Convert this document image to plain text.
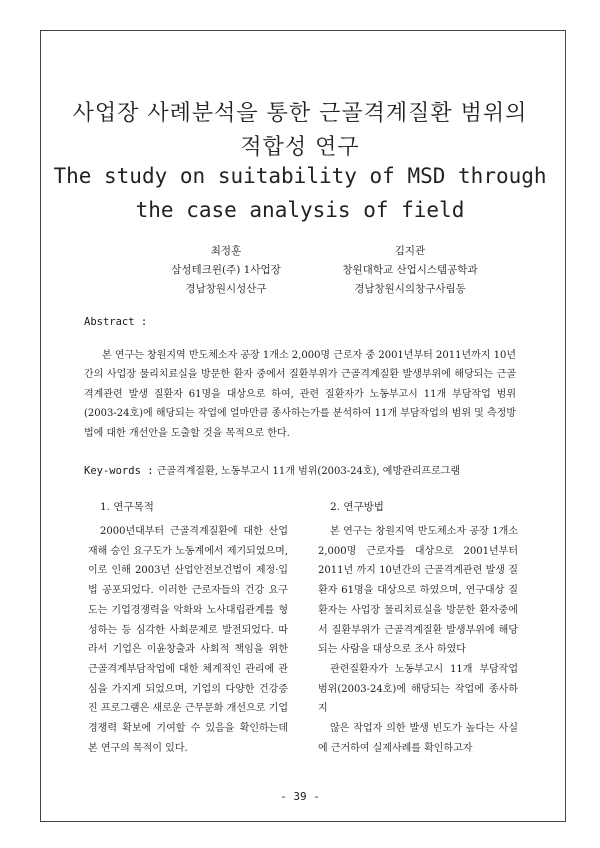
사업장 사례분석을 통한 근골격계질환 범위의
적합성 연구
The study on suitability of MSD through
the case analysis of field
최정훈
삼성테크윈(주) 1사업장
경남창원시성산구
김지관
창원대학교 산업시스템공학과
경남창원시의창구사림동
Abstract :

본 연구는 창원지역 반도체소자 공장 1개소 2,000명 근로자 중 2001년부터 2011년까지 10년간의 사업장 물리치료실을 방문한 환자 중에서 질환부위가 근골격계질환 발생부위에 해당되는 근골격계관련 발생 질환자 61명을 대상으로 하여, 관련 질환자가 노동부고시 11개 부담작업 범위(2003-24호)에 해당되는 작업에 얼마만큼 종사하는가를 분석하여 11개 부담작업의 범위 및 측정방법에 대한 개선안을 도출할 것을 목적으로 한다.

Key-words : 근골격계질환, 노동부고시 11개 범위(2003-24호), 예방관리프로그램
1. 연구목적

2000년대부터 근골격계질환에 대한 산업재해 승인 요구도가 노동계에서 제기되었으며, 이로 인해 2003년 산업안전보건법이 제정·입법 공포되었다. 이러한 근로자들의 건강 요구도는 기업경쟁력을 악화와 노사대립관계를 형성하는 등 심각한 사회문제로 발전되었다. 따라서 기업은 이윤창출과 사회적 책임을 위한 근골격계부담작업에 대한 체계적인 관리에 관심을 가지게 되었으며, 기업의 다양한 건강증진 프로그램은 새로운 근무문화 개선으로 기업경쟁력 확보에 기여할 수 있음을 확인하는데 본 연구의 목적이 있다.

2. 연구방법

본 연구는 창원지역 반도체소자 공장 1개소 2,000명 근로자를 대상으로 2001년부터 2011년 까지 10년간의 근골격계관련 발생 질환자 61명을 대상으로 하였으며, 연구대상 질환자는 사업장 물리치료실을 방문한 환자중에서 질환부위가 근골격계질환 발생부위에 해당되는 사람을 대상으로 조사 하였다

관련질환자가 노동부고시 11개 부담작업 범위(2003-24호)에 해당되는 작업에 종사하지

않은 작업자 의한 발생 빈도가 높다는 사실에 근거하여 실제사례를 확인하고자

- 39 -
